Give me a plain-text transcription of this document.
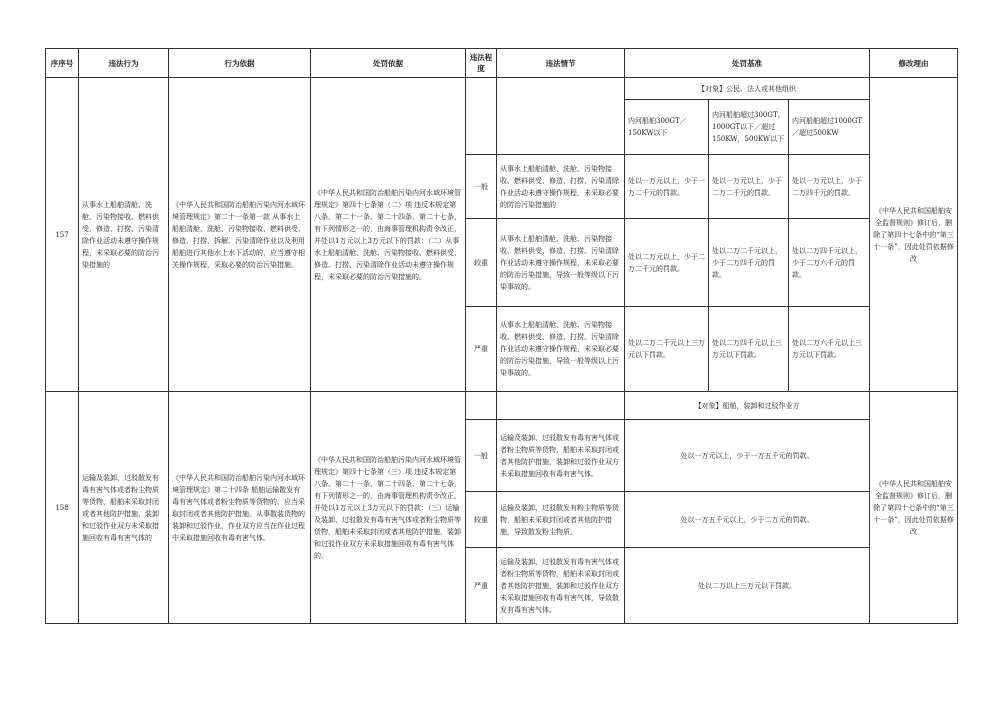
序序号	违法行为	行为依据	处罚依据	违法程度	违法情节	处罚基准			修改理由
157	从事水上船舶清舱、洗舱、污染物接收、燃料供受、修造、打捞、污染清除作业活动未遵守操作规程，未采取必要的防治污染措施的	《中华人民共和国防治船舶污染内河水域环境管理规定》第二十一条第一款 从事水上船舶清舱、洗舱、污染物接收、燃料供受、修造、打捞、拆解、污染清除作业以及利用船舶进行其他水上水下活动的，应当遵守相关操作规程，采取必要的防治污染措施。	《中华人民共和国防治船舶污染内河水域环境管理规定》第四十七条第（二）项 违反本规定第八条、第二十一条、第二十四条、第二十七条，有下列情形之一的，由海事管理机构责令改正，并处以1万元以上3万元以下的罚款：（二）从事水上船舶清舱、洗舱、污染物接收、燃料供受、修造、打捞、污染清除作业活动未遵守操作规程，未采取必要的防治污染措施的。			【对象】公民、法人或其他组织			《中华人民共和国船舶安全监督规则》修订后，删除了第四十七条中的“第三十一条”，因此处罚依据修改
						内河船舶300GT／150KW以下	内河船舶超过300GT，1000GT以下／超过150KW，500KW以下	内河船舶超过1000GT／超过500KW	
				一般	从事水上船舶清舱、洗舱、污染物接收、燃料供受、修造、打捞、污染清除作业活动未遵守操作规程，未采取必要的防治污染措施的	处以一万元以上，少于一万二千元的罚款。	处以一万元以上，少于二万二千元的罚款。	处以一万元以上，少于二万四千元的罚款。	
				较重	从事水上船舶清舱、洗舱、污染物接收、燃料供受、修造、打捞、污染清除作业活动未遵守操作规程，未采取必要的防治污染措施，导致一般等级以下污染事故的。	处以二万元以上，少于二万二千元的罚款。	处以二万二千元以上，少于二万四千元的罚款。	处以二万四千元以上，少于二万六千元的罚款。	
				严重	从事水上船舶清舱、洗舱、污染物接收、燃料供受、修造、打捞、污染清除作业活动未遵守操作规程，未采取必要的防治污染措施，导致一般等级以上污染事故的。	处以二万二千元以上三万元以下罚款。	处以二万四千元以上三万元以下罚款。	处以二万六千元以上三万元以下罚款。	
158	运输及装卸、过驳散发有毒有害气体或者粉尘物质等货物，船舶未采取封闭或者其他防护措施，装卸和过驳作业双方未采取措施回收有毒有害气体的	《中华人民共和国防治船舶污染内河水域环境管理规定》第二十四条 船舶运输散发有毒有害气体或者粉尘物质等货物的，应当采取封闭或者其他防护措施。从事散装货物的装卸和过驳作业，作业双方应当在作业过程中采取措施回收有毒有害气体。	《中华人民共和国防治船舶污染内河水域环境管理规定》第四十七条第（三）项 违反本规定第八条、第二十一条、第二十四条、第二十七条，有下列情形之一的，由海事管理机构责令改正，并处以1万元以上3万元以下的罚款：（三）运输及装卸、过驳散发有毒有害气体或者粉尘物质等货物，船舶未采取封闭或者其他防护措施，装卸和过驳作业双方未采取措施回收有毒有害气体的。			【对象】船舶，装卸和过驳作业方			《中华人民共和国船舶安全监督规则》修订后，删除了第四十七条中的“第三十一条”，因此处罚依据修改
				一般	运输及装卸、过驳散发有毒有害气体或者粉尘物质等货物，船舶未采取封闭或者其他防护措施，装卸和过驳作业双方未采取措施回收有毒有害气体。	处以一万元以上，少于一万五千元的罚款。			
				较重	运输及装卸、过驳散发有粉尘物质等货物，船舶未采取封闭或者其他防护措施，导致散发粉尘物质。	处以一万五千元以上，少于二万元的罚款。			
				严重	运输及装卸、过驳散发有毒有害气体或者粉尘物质等货物，船舶未采取封闭或者其他防护措施，装卸和过驳作业双方未采取措施回收有毒有害气体，导致散发有毒有害气体。	处以二万以上三万元以下罚款。			
